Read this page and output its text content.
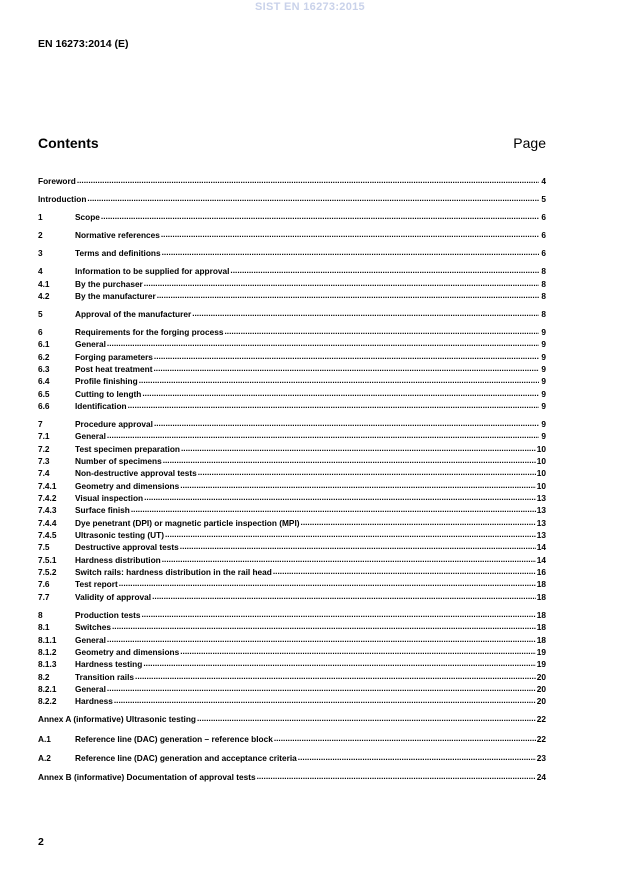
SIST EN 16273:2015
EN 16273:2014 (E)
Contents	Page
Foreword .....	4
Introduction .....	5
1	Scope .....	6
2	Normative references .....	6
3	Terms and definitions .....	6
4	Information to be supplied for approval .....	8
4.1	By the purchaser .....	8
4.2	By the manufacturer .....	8
5	Approval of the manufacturer .....	8
6	Requirements for the forging process .....	9
6.1	General .....	9
6.2	Forging parameters .....	9
6.3	Post heat treatment .....	9
6.4	Profile finishing .....	9
6.5	Cutting to length .....	9
6.6	Identification .....	9
7	Procedure approval .....	9
7.1	General .....	9
7.2	Test specimen preparation .....	10
7.3	Number of specimens .....	10
7.4	Non-destructive approval tests .....	10
7.4.1	Geometry and dimensions .....	10
7.4.2	Visual inspection .....	13
7.4.3	Surface finish .....	13
7.4.4	Dye penetrant (DPI) or magnetic particle inspection (MPI) .....	13
7.4.5	Ultrasonic testing (UT) .....	13
7.5	Destructive approval tests .....	14
7.5.1	Hardness distribution .....	14
7.5.2	Switch rails: hardness distribution in the rail head .....	16
7.6	Test report .....	18
7.7	Validity of approval .....	18
8	Production tests .....	18
8.1	Switches .....	18
8.1.1	General .....	18
8.1.2	Geometry and dimensions .....	19
8.1.3	Hardness testing .....	19
8.2	Transition rails .....	20
8.2.1	General .....	20
8.2.2	Hardness .....	20
Annex A (informative) Ultrasonic testing .....	22
A.1	Reference line (DAC) generation – reference block .....	22
A.2	Reference line (DAC) generation and acceptance criteria .....	23
Annex B (informative) Documentation of approval tests .....	24
2
